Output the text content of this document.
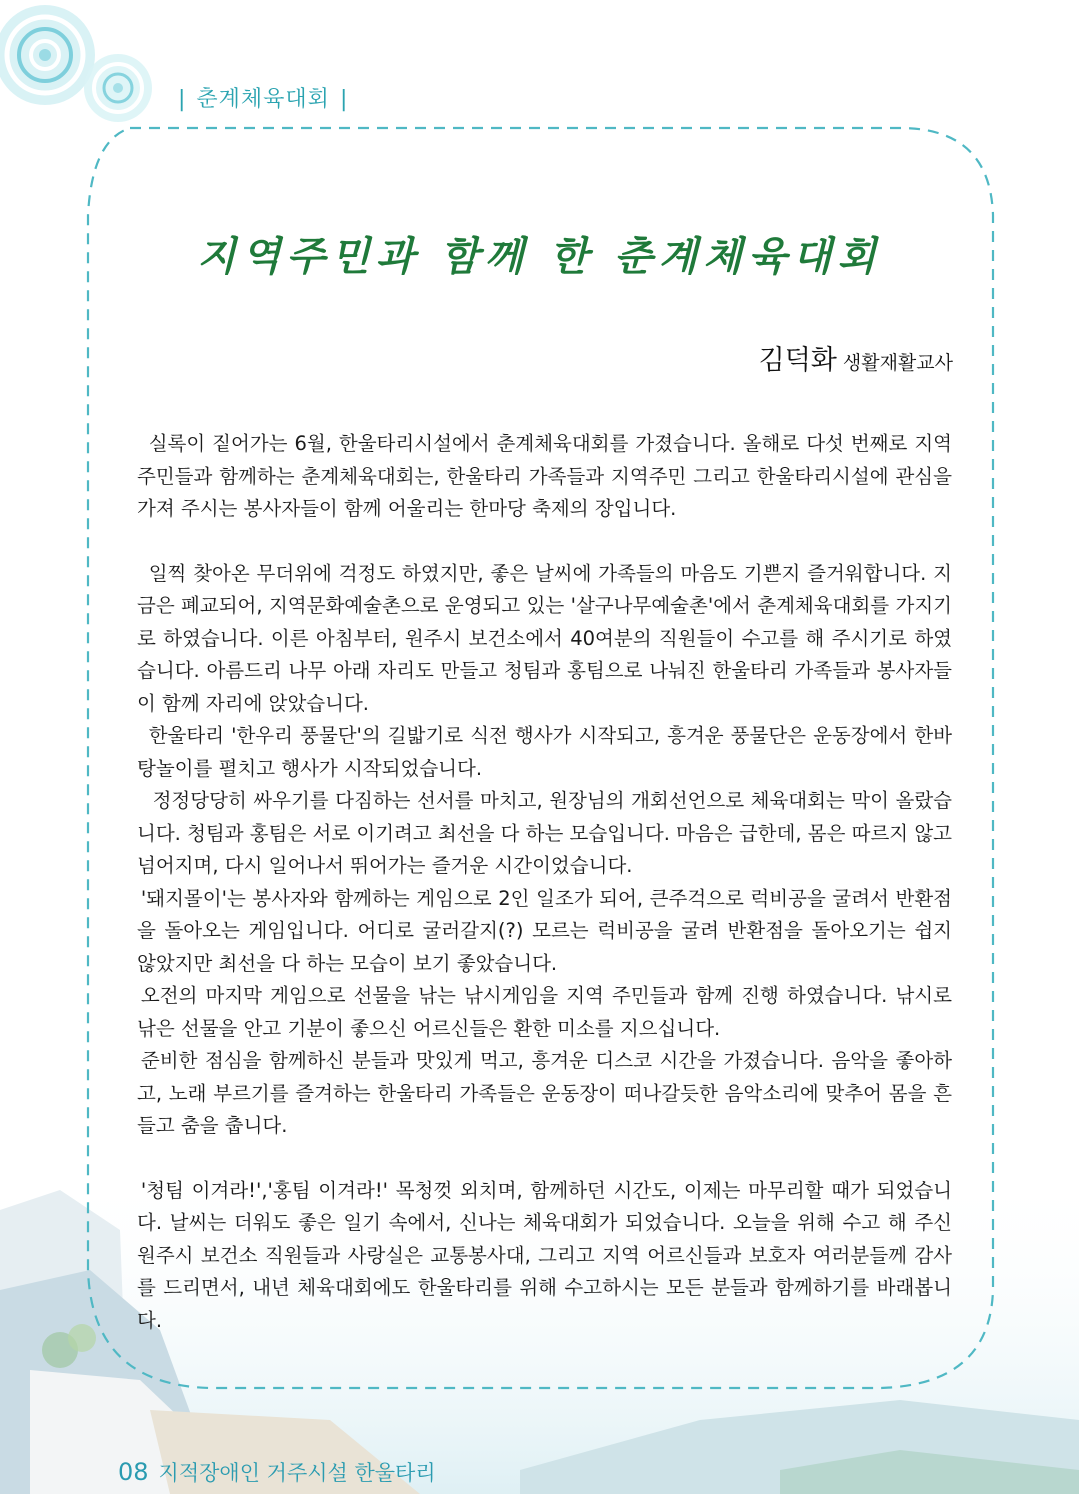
| 춘계체육대회 |
지역주민과 함께 한 춘계체육대회
김덕화 생활재활교사

실록이 짙어가는 6월, 한울타리시설에서 춘계체육대회를 가졌습니다. 올해로 다섯 번째로 지역주민들과 함께하는 춘계체육대회는, 한울타리 가족들과 지역주민 그리고 한울타리시설에 관심을 가져 주시는 봉사자들이 함께 어울리는 한마당 축제의 장입니다.

일찍 찾아온 무더위에 걱정도 하였지만, 좋은 날씨에 가족들의 마음도 기쁜지 즐거워합니다. 지금은 폐교되어, 지역문화예술촌으로 운영되고 있는 '살구나무예술촌'에서 춘계체육대회를 가지기로 하였습니다. 이른 아침부터, 원주시 보건소에서 40여분의 직원들이 수고를 해 주시기로 하였습니다. 아름드리 나무 아래 자리도 만들고 청팀과 홍팀으로 나눠진 한울타리 가족들과 봉사자들이 함께 자리에 앉았습니다.

한울타리 '한우리 풍물단'의 길밟기로 식전 행사가 시작되고, 흥겨운 풍물단은 운동장에서 한바탕놀이를 펼치고 행사가 시작되었습니다.

정정당당히 싸우기를 다짐하는 선서를 마치고, 원장님의 개회선언으로 체육대회는 막이 올랐습니다. 청팀과 홍팀은 서로 이기려고 최선을 다 하는 모습입니다. 마음은 급한데, 몸은 따르지 않고 넘어지며, 다시 일어나서 뛰어가는 즐거운 시간이었습니다.

'돼지몰이'는 봉사자와 함께하는 게임으로 2인 일조가 되어, 큰주걱으로 럭비공을 굴려서 반환점을 돌아오는 게임입니다. 어디로 굴러갈지(?) 모르는 럭비공을 굴려 반환점을 돌아오기는 쉽지 않았지만 최선을 다 하는 모습이 보기 좋았습니다.

오전의 마지막 게임으로 선물을 낚는 낚시게임을 지역 주민들과 함께 진행 하였습니다. 낚시로 낚은 선물을 안고 기분이 좋으신 어르신들은 환한 미소를 지으십니다.

준비한 점심을 함께하신 분들과 맛있게 먹고, 흥겨운 디스코 시간을 가졌습니다. 음악을 좋아하고, 노래 부르기를 즐겨하는 한울타리 가족들은 운동장이 떠나갈듯한 음악소리에 맞추어 몸을 흔들고 춤을 춥니다.

'청팀 이겨라!','홍팀 이겨라!' 목청껏 외치며, 함께하던 시간도, 이제는 마무리할 때가 되었습니다. 날씨는 더워도 좋은 일기 속에서, 신나는 체육대회가 되었습니다. 오늘을 위해 수고 해 주신 원주시 보건소 직원들과 사랑실은 교통봉사대, 그리고 지역 어르신들과 보호자 여러분들께 감사를 드리면서, 내년 체육대회에도 한울타리를 위해 수고하시는 모든 분들과 함께하기를 바래봅니다.

08 지적장애인 거주시설 한울타리
